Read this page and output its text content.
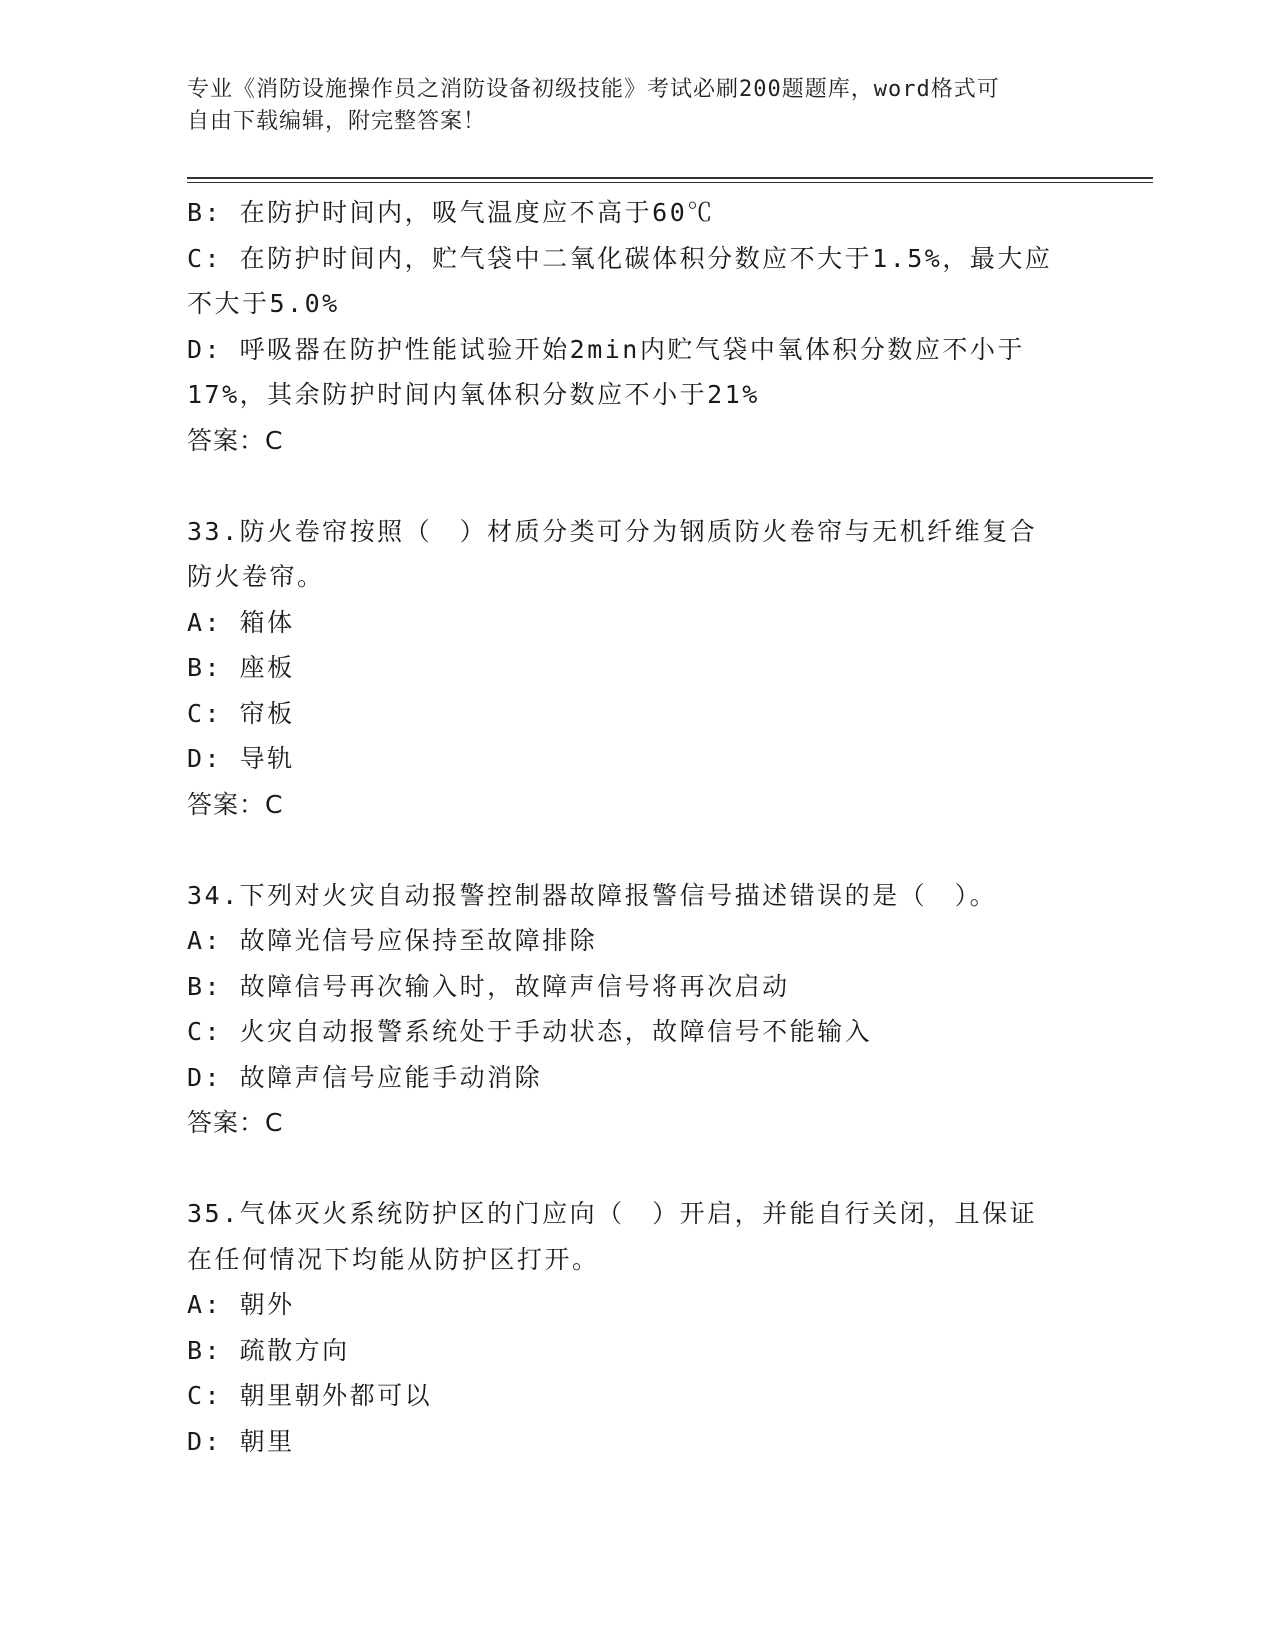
专业《消防设施操作员之消防设备初级技能》考试必刷200题题库，word格式可
自由下载编辑，附完整答案！
B: 在防护时间内，吸气温度应不高于60℃
C: 在防护时间内，贮气袋中二氧化碳体积分数应不大于1.5%，最大应
不大于5.0%
D: 呼吸器在防护性能试验开始2min内贮气袋中氧体积分数应不小于
17%，其余防护时间内氧体积分数应不小于21%
答案：C
33.防火卷帘按照（　）材质分类可分为钢质防火卷帘与无机纤维复合
防火卷帘。
A: 箱体
B: 座板
C: 帘板
D: 导轨
答案：C
34.下列对火灾自动报警控制器故障报警信号描述错误的是（　）。
A: 故障光信号应保持至故障排除
B: 故障信号再次输入时，故障声信号将再次启动
C: 火灾自动报警系统处于手动状态，故障信号不能输入
D: 故障声信号应能手动消除
答案：C
35.气体灭火系统防护区的门应向（　）开启，并能自行关闭，且保证
在任何情况下均能从防护区打开。
A: 朝外
B: 疏散方向
C: 朝里朝外都可以
D: 朝里
